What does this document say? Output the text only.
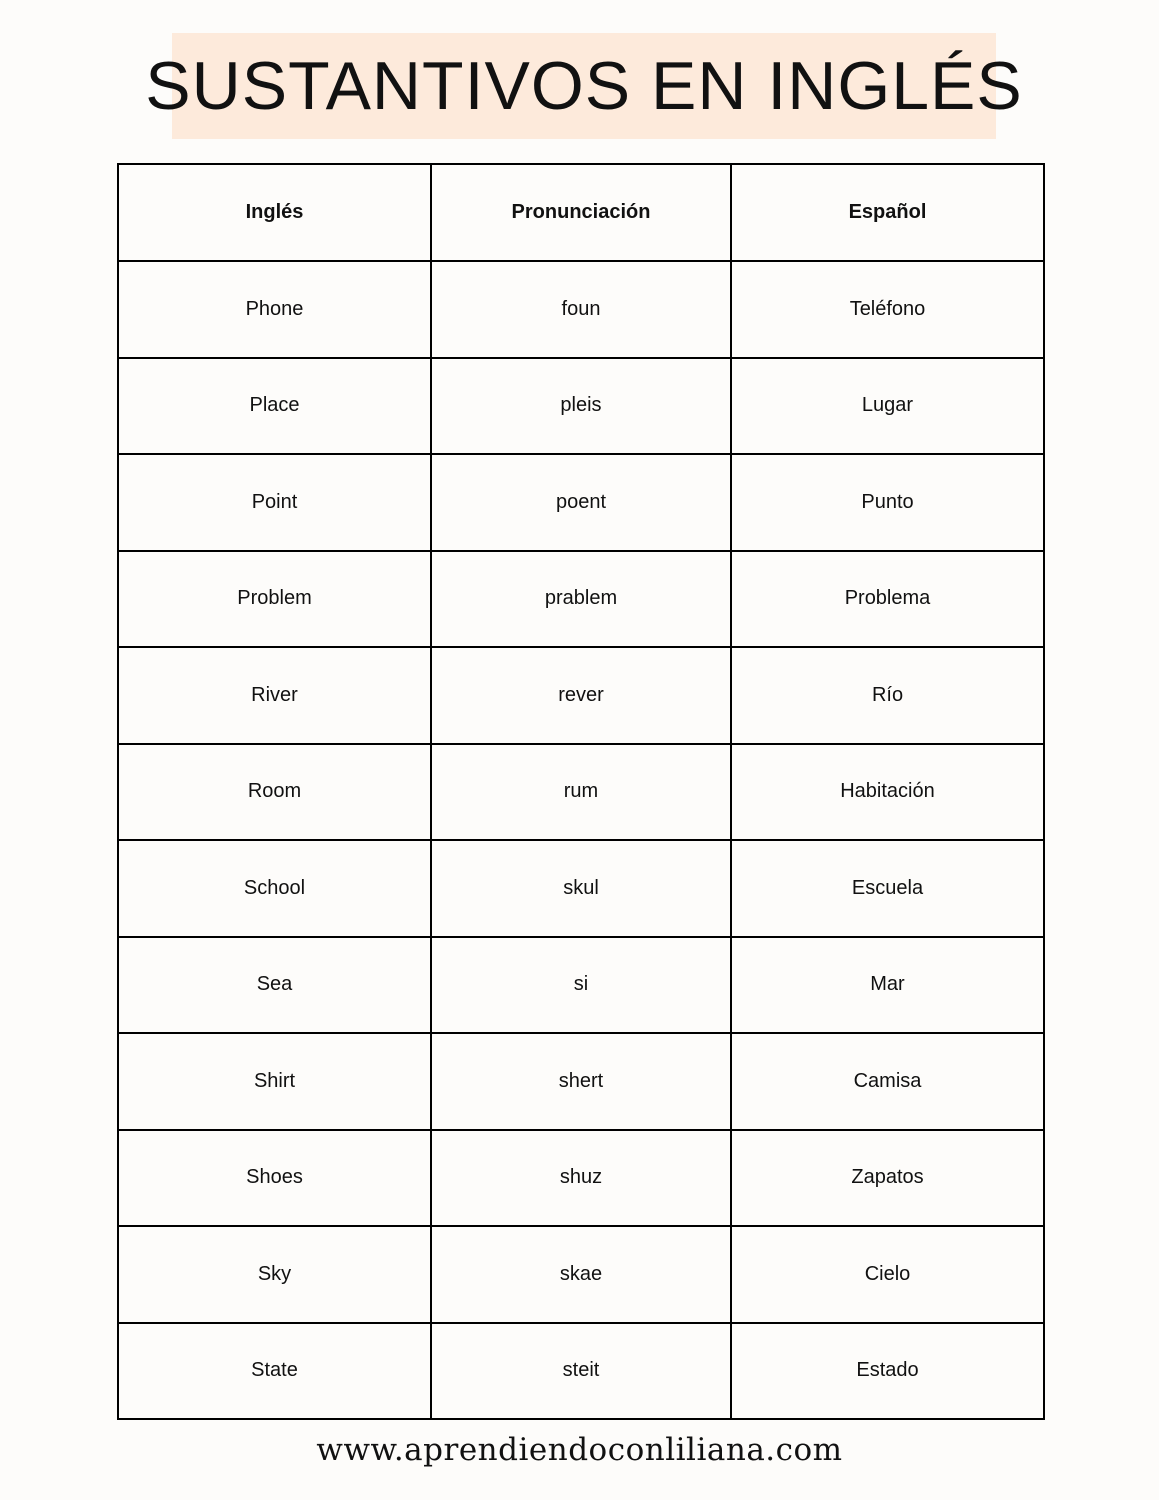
SUSTANTIVOS EN INGLÉS
Inglés	Pronunciación	Español
Phone	foun	Teléfono
Place	pleis	Lugar
Point	poent	Punto
Problem	prablem	Problema
River	rever	Río
Room	rum	Habitación
School	skul	Escuela
Sea	si	Mar
Shirt	shert	Camisa
Shoes	shuz	Zapatos
Sky	skae	Cielo
State	steit	Estado
www.aprendiendoconliliana.com
